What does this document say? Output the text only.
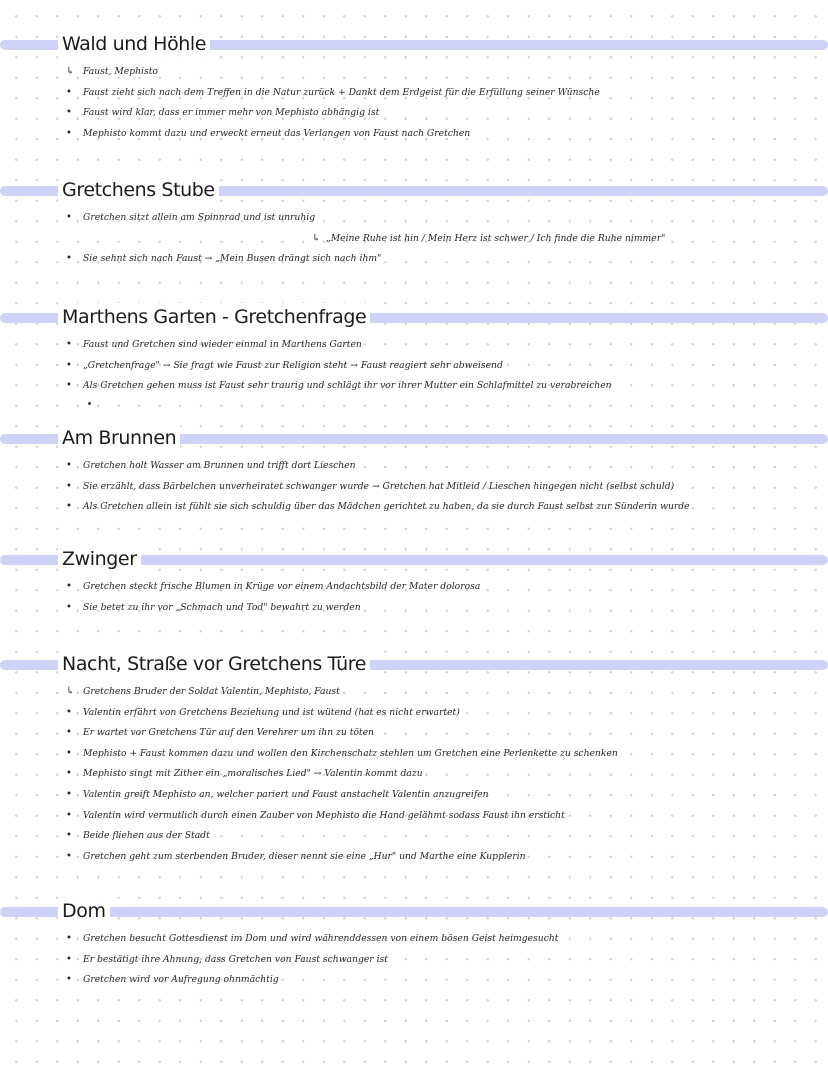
Wald und Höhle
↳ Faust, Mephisto
•	Faust zieht sich nach dem Treffen in die Natur zurück + Dankt dem Erdgeist für die Erfüllung seiner Wünsche
•	Faust wird klar, dass er immer mehr von Mephisto abhängig ist
•	Mephisto kommt dazu und erweckt erneut das Verlangen von Faust nach Gretchen
Gretchens Stube
•	Gretchen sitzt allein am Spinnrad und ist unruhig
↳ „Meine Ruhe ist hin / Mein Herz ist schwer / Ich finde die Ruhe nimmer"
•	Sie sehnt sich nach Faust → „Mein Busen drängt sich nach ihm"
Marthens Garten - Gretchenfrage
•	Faust und Gretchen sind wieder einmal in Marthens Garten
•	„Gretchenfrage" → Sie fragt wie Faust zur Religion steht → Faust reagiert sehr abweisend
•	Als Gretchen gehen muss ist Faust sehr traurig und schlägt ihr vor ihrer Mutter ein Schlafmittel zu verabreichen
Am Brunnen
•	Gretchen holt Wasser am Brunnen und trifft dort Lieschen
•	Sie erzählt, dass Bärbelchen unverheiratet schwanger wurde → Gretchen hat Mitleid / Lieschen hingegen nicht (selbst schuld)
•	Als Gretchen allein ist fühlt sie sich schuldig über das Mädchen gerichtet zu haben, da sie durch Faust selbst zur Sünderin wurde
Zwinger
•	Gretchen steckt frische Blumen in Krüge vor einem Andachtsbild der Mater dolorosa
•	Sie betet zu ihr vor „Schmach und Tod" bewahrt zu werden
Nacht, Straße vor Gretchens Türe
↳ Gretchens Bruder der Soldat Valentin, Mephisto, Faust
•	Valentin erfährt von Gretchens Beziehung und ist wütend (hat es nicht erwartet)
•	Er wartet vor Gretchens Tür auf den Verehrer um ihn zu töten
•	Mephisto + Faust kommen dazu und wollen den Kirchenschatz stehlen um Gretchen eine Perlenkette zu schenken
•	Mephisto singt mit Zither ein „moralisches Lied" → Valentin kommt dazu
•	Valentin greift Mephisto an, welcher pariert und Faust anstachelt Valentin anzugreifen
•	Valentin wird vermutlich durch einen Zauber von Mephisto die Hand gelähmt sodass Faust ihn ersticht
•	Beide fliehen aus der Stadt
•	Gretchen geht zum sterbenden Bruder, dieser nennt sie eine „Hur" und Marthe eine Kupplerin
Dom
•	Gretchen besucht Gottesdienst im Dom und wird währenddessen von einem bösen Geist heimgesucht
•	Er bestätigt ihre Ahnung, dass Gretchen von Faust schwanger ist
•	Gretchen wird vor Aufregung ohnmächtig
